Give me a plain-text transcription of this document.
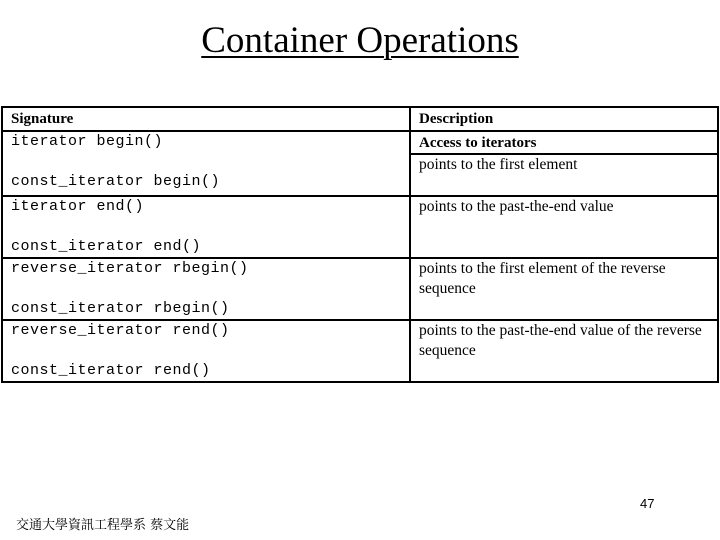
Container Operations
Signature	Description

iterator begin()
const_iterator begin()	Access to iterators
	points to the first element

iterator end()
const_iterator end()	points to the past-the-end value

reverse_iterator rbegin()
const_iterator rbegin()	points to the first element of the reverse sequence

reverse_iterator rend()
const_iterator rend()	points to the past-the-end value of the reverse sequence
47
交通大學資訊工程學系 蔡文能
